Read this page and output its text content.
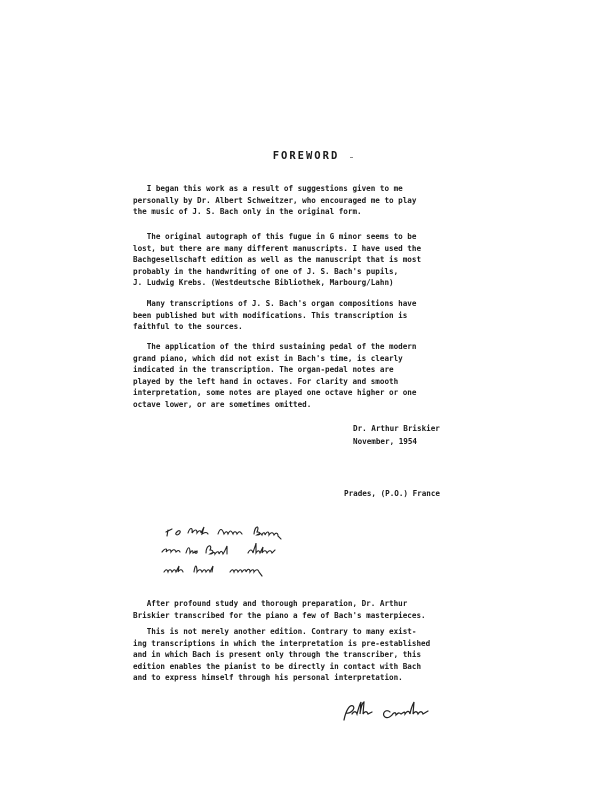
FOREWORD

I began this work as a result of suggestions given to me
personally by Dr. Albert Schweitzer, who encouraged me to play
the music of J. S. Bach only in the original form.

The original autograph of this fugue in G minor seems to be
lost, but there are many different manuscripts. I have used the
Bachgesellschaft edition as well as the manuscript that is most
probably in the handwriting of one of J. S. Bach's pupils,
J. Ludwig Krebs. (Westdeutsche Bibliothek, Marbourg/Lahn)

Many transcriptions of J. S. Bach's organ compositions have
been published but with modifications. This transcription is
faithful to the sources.

The application of the third sustaining pedal of the modern
grand piano, which did not exist in Bach's time, is clearly
indicated in the transcription. The organ-pedal notes are
played by the left hand in octaves. For clarity and smooth
interpretation, some notes are played one octave higher or one
octave lower, or are sometimes omitted.

Dr. Arthur Briskier
November, 1954
Prades, (P.O.) France

After profound study and thorough preparation, Dr. Arthur
Briskier transcribed for the piano a few of Bach's masterpieces.

This is not merely another edition. Contrary to many exist-
ing transcriptions in which the interpretation is pre-established
and in which Bach is present only through the transcriber, this
edition enables the pianist to be directly in contact with Bach
and to express himself through his personal interpretation.
